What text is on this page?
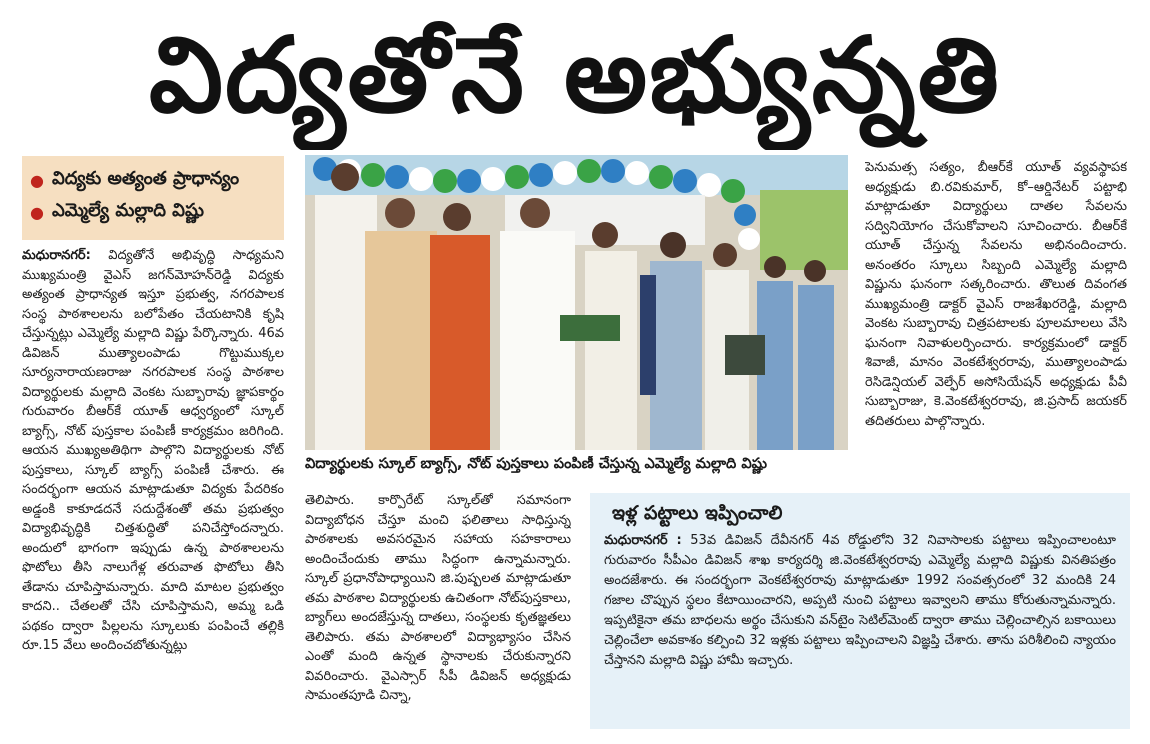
విద్యతోనే అభ్యున్నతి
● విద్యకు అత్యంత ప్రాధాన్యం
● ఎమ్మెల్యే మల్లాది విష్ణు
మధురానగర్: విద్యతోనే అభివృద్ధి సాధ్యమని ముఖ్యమంత్రి వైఎస్ జగన్‌మోహన్‌రెడ్డి విద్యకు అత్యంత ప్రాధాన్యత ఇస్తూ ప్రభుత్వ, నగరపాలక సంస్థ పాఠశాలలను బలోపేతం చేయటానికి కృషి చేస్తున్నట్లు ఎమ్మెల్యే మల్లాది విష్ణు పేర్కొన్నారు. 46వ డివిజన్ ముత్యాలంపాడు గొట్టుముక్కల సూర్యనారాయణరాజు నగరపాలక సంస్థ పాఠశాల విద్యార్థులకు మల్లాది వెంకట సుబ్బారావు జ్ఞాపకార్థం గురువారం బీఆర్‌కే యూత్ ఆధ్వర్యంలో స్కూల్ బ్యాగ్స్, నోట్ పుస్తకాల పంపిణీ కార్యక్రమం జరిగింది. ఆయన ముఖ్యఅతిథిగా పాల్గొని విద్యార్థులకు నోట్ పుస్తకాలు, స్కూల్ బ్యాగ్స్ పంపిణీ చేశారు. ఈ సందర్భంగా ఆయన మాట్లాడుతూ విద్యకు పేదరికం అడ్డంకి కాకూడదనే సదుద్దేశంతో తమ ప్రభుత్వం విద్యాభివృద్ధికి చిత్తశుద్ధితో పనిచేస్తోందన్నారు. అందులో భాగంగా ఇప్పుడు ఉన్న పాఠశాలలను ఫొటోలు తీసి నాలుగేళ్ల తరువాత ఫొటోలు తీసి తేడాను చూపిస్తామన్నారు. మాది మాటల ప్రభుత్వం కాదని.. చేతలతో చేసి చూపిస్తామని, అమ్మ ఒడి పథకం ద్వారా పిల్లలను స్కూలుకు పంపించే తల్లికి రూ.15 వేలు అందించబోతున్నట్లు
విద్యార్థులకు స్కూల్ బ్యాగ్స్, నోట్ పుస్తకాలు పంపిణీ చేస్తున్న ఎమ్మెల్యే మల్లాది విష్ణు
తెలిపారు. కార్పొరేట్ స్కూల్‌తో సమానంగా విద్యాబోధన చేస్తూ మంచి ఫలితాలు సాధిస్తున్న పాఠశాలకు అవసరమైన సహాయ సహకారాలు అందించేందుకు తాము సిద్ధంగా ఉన్నామన్నారు. స్కూల్ ప్రధానోపాధ్యాయిని జి.పుష్పలత మాట్లాడుతూ తమ పాఠశాల విద్యార్థులకు ఉచితంగా నోట్‌పుస్తకాలు, బ్యాగ్‌లు అందజేస్తున్న దాతలు, సంస్థలకు కృతజ్ఞతలు తెలిపారు. తమ పాఠశాలలో విద్యాభ్యాసం చేసిన ఎంతో మంది ఉన్నత స్థానాలకు చేరుకున్నారని వివరించారు. వైఎస్సార్ సీపీ డివిజన్ అధ్యక్షుడు సామంతపూడి చిన్నా,
పెనుమత్స సత్యం, బీఆర్‌కే యూత్ వ్యవస్థాపక అధ్యక్షుడు బి.రవికుమార్, కో–ఆర్డినేటర్ పట్టాభి మాట్లాడుతూ విద్యార్థులు దాతల సేవలను సద్వినియోగం చేసుకోవాలని సూచించారు. బీఆర్‌కే యూత్ చేస్తున్న సేవలను అభినందించారు. అనంతరం స్కూలు సిబ్బంది ఎమ్మెల్యే మల్లాది విష్ణును ఘనంగా సత్కరించారు. తొలుత దివంగత ముఖ్యమంత్రి డాక్టర్ వైఎస్ రాజశేఖరరెడ్డి, మల్లాది వెంకట సుబ్బారావు చిత్రపటాలకు పూలమాలలు వేసి ఘనంగా నివాళులర్పించారు. కార్యక్రమంలో డాక్టర్ శివాజీ, మానం వెంకటేశ్వరరావు, ముత్యాలంపాడు రెసిడెన్షియల్ వెల్ఫేర్ అసోసియేషన్ అధ్యక్షుడు పీవీ సుబ్బారాజు, కె.వెంకటేశ్వరరావు, జి.ప్రసాద్ జయకర్ తదితరులు పాల్గొన్నారు.
ఇళ్ల పట్టాలు ఇప్పించాలి
మధురానగర్ : 53వ డివిజన్ దేవీనగర్ 4వ రోడ్డులోని 32 నివాసాలకు పట్టాలు ఇప్పించాలంటూ గురువారం సీపీఎం డివిజన్ శాఖ కార్యదర్శి జి.వెంకటేశ్వరరావు ఎమ్మెల్యే మల్లాది విష్ణుకు వినతిపత్రం అందజేశారు. ఈ సందర్భంగా వెంకటేశ్వరరావు మాట్లాడుతూ 1992 సంవత్సరంలో 32 మందికి 24 గజాల చొప్పున స్థలం కేటాయించారని, అప్పటి నుంచి పట్టాలు ఇవ్వాలని తాము కోరుతున్నామన్నారు. ఇప్పటికైనా తమ బాధలను అర్థం చేసుకుని వన్‌టైం సెటిల్‌మెంట్ ద్వారా తాము చెల్లించాల్సిన బకాయిలు చెల్లించేలా అవకాశం కల్పించి 32 ఇళ్లకు పట్టాలు ఇప్పించాలని విజ్ఞప్తి చేశారు. తాను పరిశీలించి న్యాయం చేస్తానని మల్లాది విష్ణు హామీ ఇచ్చారు.
